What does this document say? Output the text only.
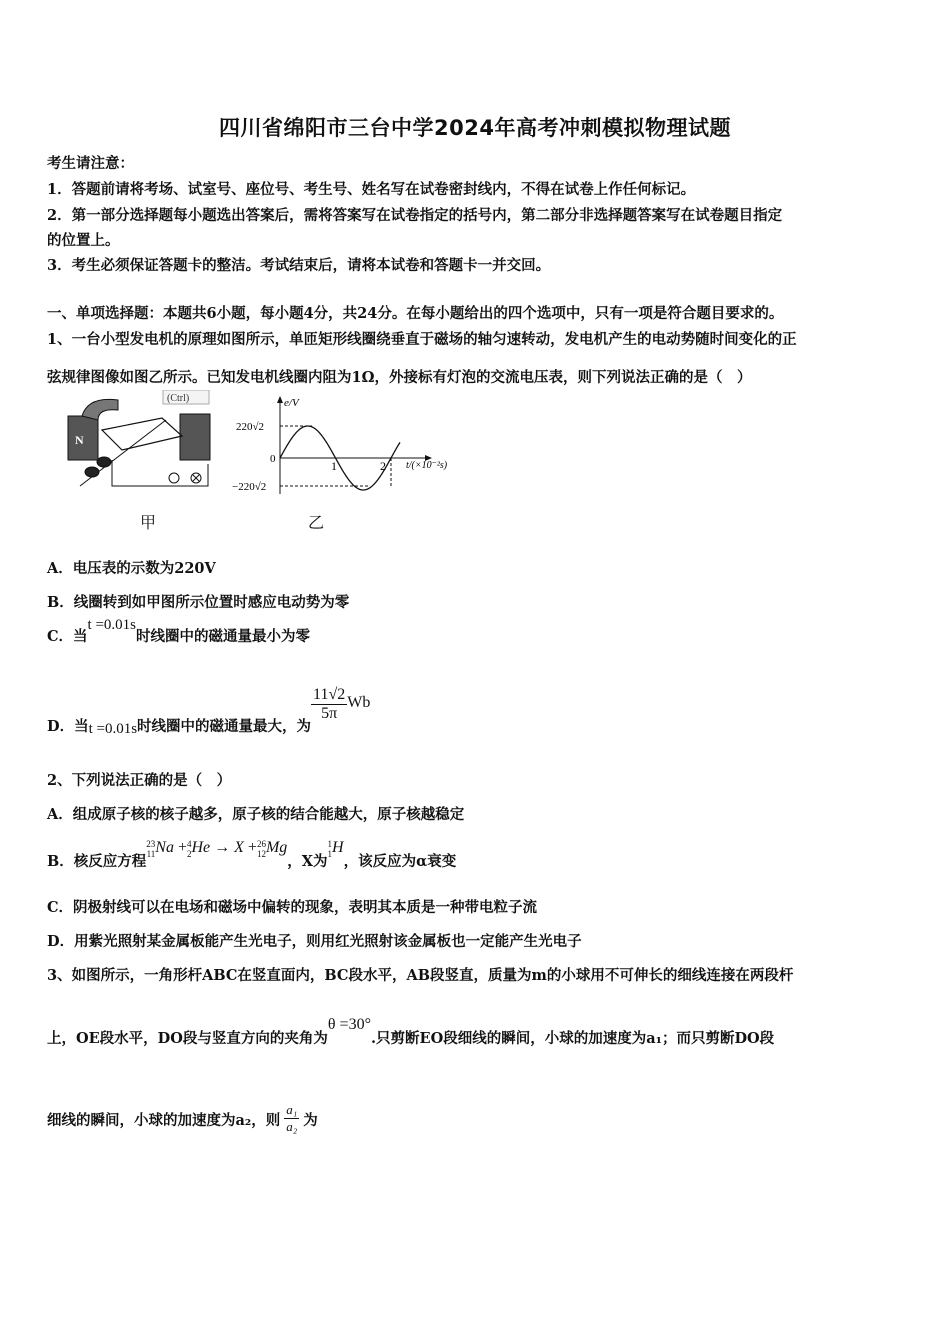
四川省绵阳市三台中学2024年高考冲刺模拟物理试题
考生请注意：
1．答题前请将考场、试室号、座位号、考生号、姓名写在试卷密封线内，不得在试卷上作任何标记。
2．第一部分选择题每小题选出答案后，需将答案写在试卷指定的括号内，第二部分非选择题答案写在试卷题目指定
的位置上。
3．考生必须保证答题卡的整洁。考试结束后，请将本试卷和答题卡一并交回。
一、单项选择题：本题共6小题，每小题4分，共24分。在每小题给出的四个选项中，只有一项是符合题目要求的。
1、一台小型发电机的原理如图所示，单匝矩形线圈绕垂直于磁场的轴匀速转动，发电机产生的电动势随时间变化的正
弦规律图像如图乙所示。已知发电机线圈内阻为1Ω，外接标有灯泡的交流电压表，则下列说法正确的是（　）
N
(Ctrl)	e/V
220√2
0
−220√2
1	2 t/(×10⁻²s)
甲	乙
A．电压表的示数为220V
B．线圈转到如甲图所示位置时感应电动势为零
C．当t =0.01s时线圈中的磁通量最小为零
D．当t =0.01s时线圈中的磁通量最大，为
$\frac{11√2}{5\pi}$ Wb
2、下列说法正确的是（　）
A．组成原子核的核子越多，原子核的结合能越大，原子核越稳定
B．核反应方程23
11Na +4
2He → X +26
12Mg，X为1
1H，该反应为α衰变
C．阴极射线可以在电场和磁场中偏转的现象，表明其本质是一种带电粒子流
D．用紫光照射某金属板能产生光电子，则用红光照射该金属板也一定能产生光电子
3、如图所示，一角形杆ABC在竖直面内，BC段水平，AB段竖直，质量为m的小球用不可伸长的细线连接在两段杆
上，OE段水平，DO段与竖直方向的夹角为θ =30°.只剪断EO段细线的瞬间，小球的加速度为a₁；而只剪断DO段
细线的瞬间，小球的加速度为a₂，则 $\frac{\text{a₁}}{\text{a₂}}$ 为
